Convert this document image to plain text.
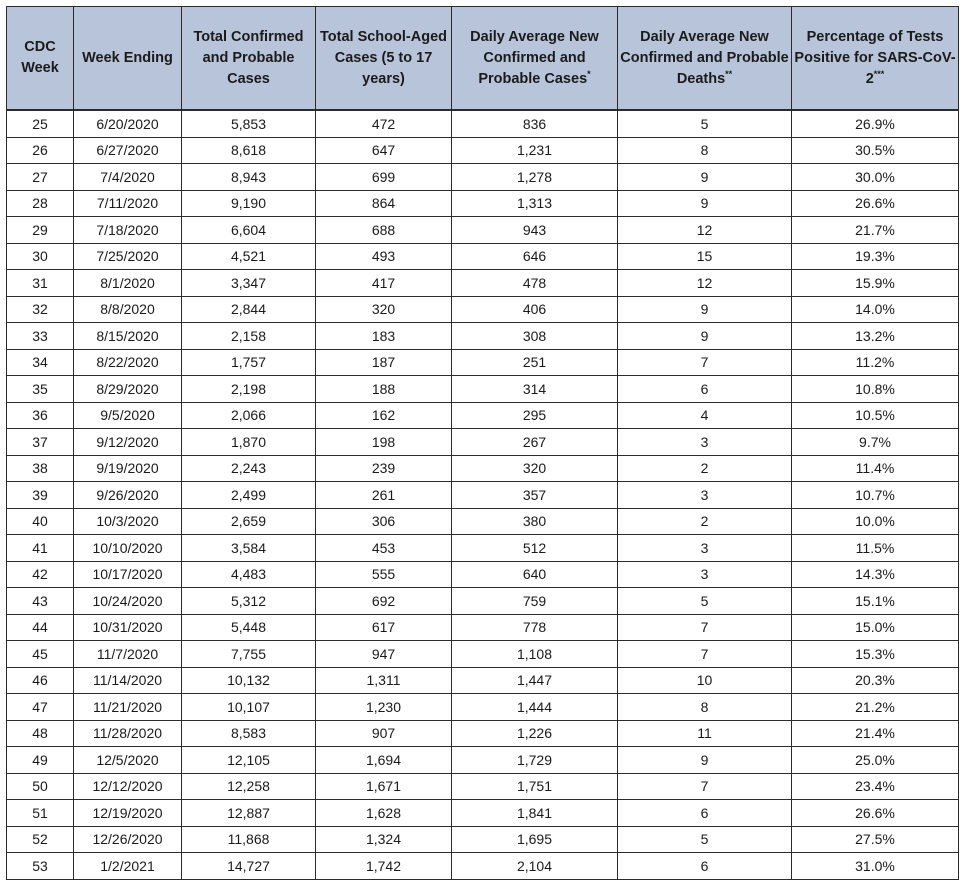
CDC Week	Week Ending	Total Confirmed and Probable Cases	Total School-Aged Cases (5 to 17 years)	Daily Average New Confirmed and Probable Cases*	Daily Average New Confirmed and Probable Deaths**	Percentage of Tests Positive for SARS-CoV-2***
25	6/20/2020	5,853	472	836	5	26.9%
26	6/27/2020	8,618	647	1,231	8	30.5%
27	7/4/2020	8,943	699	1,278	9	30.0%
28	7/11/2020	9,190	864	1,313	9	26.6%
29	7/18/2020	6,604	688	943	12	21.7%
30	7/25/2020	4,521	493	646	15	19.3%
31	8/1/2020	3,347	417	478	12	15.9%
32	8/8/2020	2,844	320	406	9	14.0%
33	8/15/2020	2,158	183	308	9	13.2%
34	8/22/2020	1,757	187	251	7	11.2%
35	8/29/2020	2,198	188	314	6	10.8%
36	9/5/2020	2,066	162	295	4	10.5%
37	9/12/2020	1,870	198	267	3	9.7%
38	9/19/2020	2,243	239	320	2	11.4%
39	9/26/2020	2,499	261	357	3	10.7%
40	10/3/2020	2,659	306	380	2	10.0%
41	10/10/2020	3,584	453	512	3	11.5%
42	10/17/2020	4,483	555	640	3	14.3%
43	10/24/2020	5,312	692	759	5	15.1%
44	10/31/2020	5,448	617	778	7	15.0%
45	11/7/2020	7,755	947	1,108	7	15.3%
46	11/14/2020	10,132	1,311	1,447	10	20.3%
47	11/21/2020	10,107	1,230	1,444	8	21.2%
48	11/28/2020	8,583	907	1,226	11	21.4%
49	12/5/2020	12,105	1,694	1,729	9	25.0%
50	12/12/2020	12,258	1,671	1,751	7	23.4%
51	12/19/2020	12,887	1,628	1,841	6	26.6%
52	12/26/2020	11,868	1,324	1,695	5	27.5%
53	1/2/2021	14,727	1,742	2,104	6	31.0%
